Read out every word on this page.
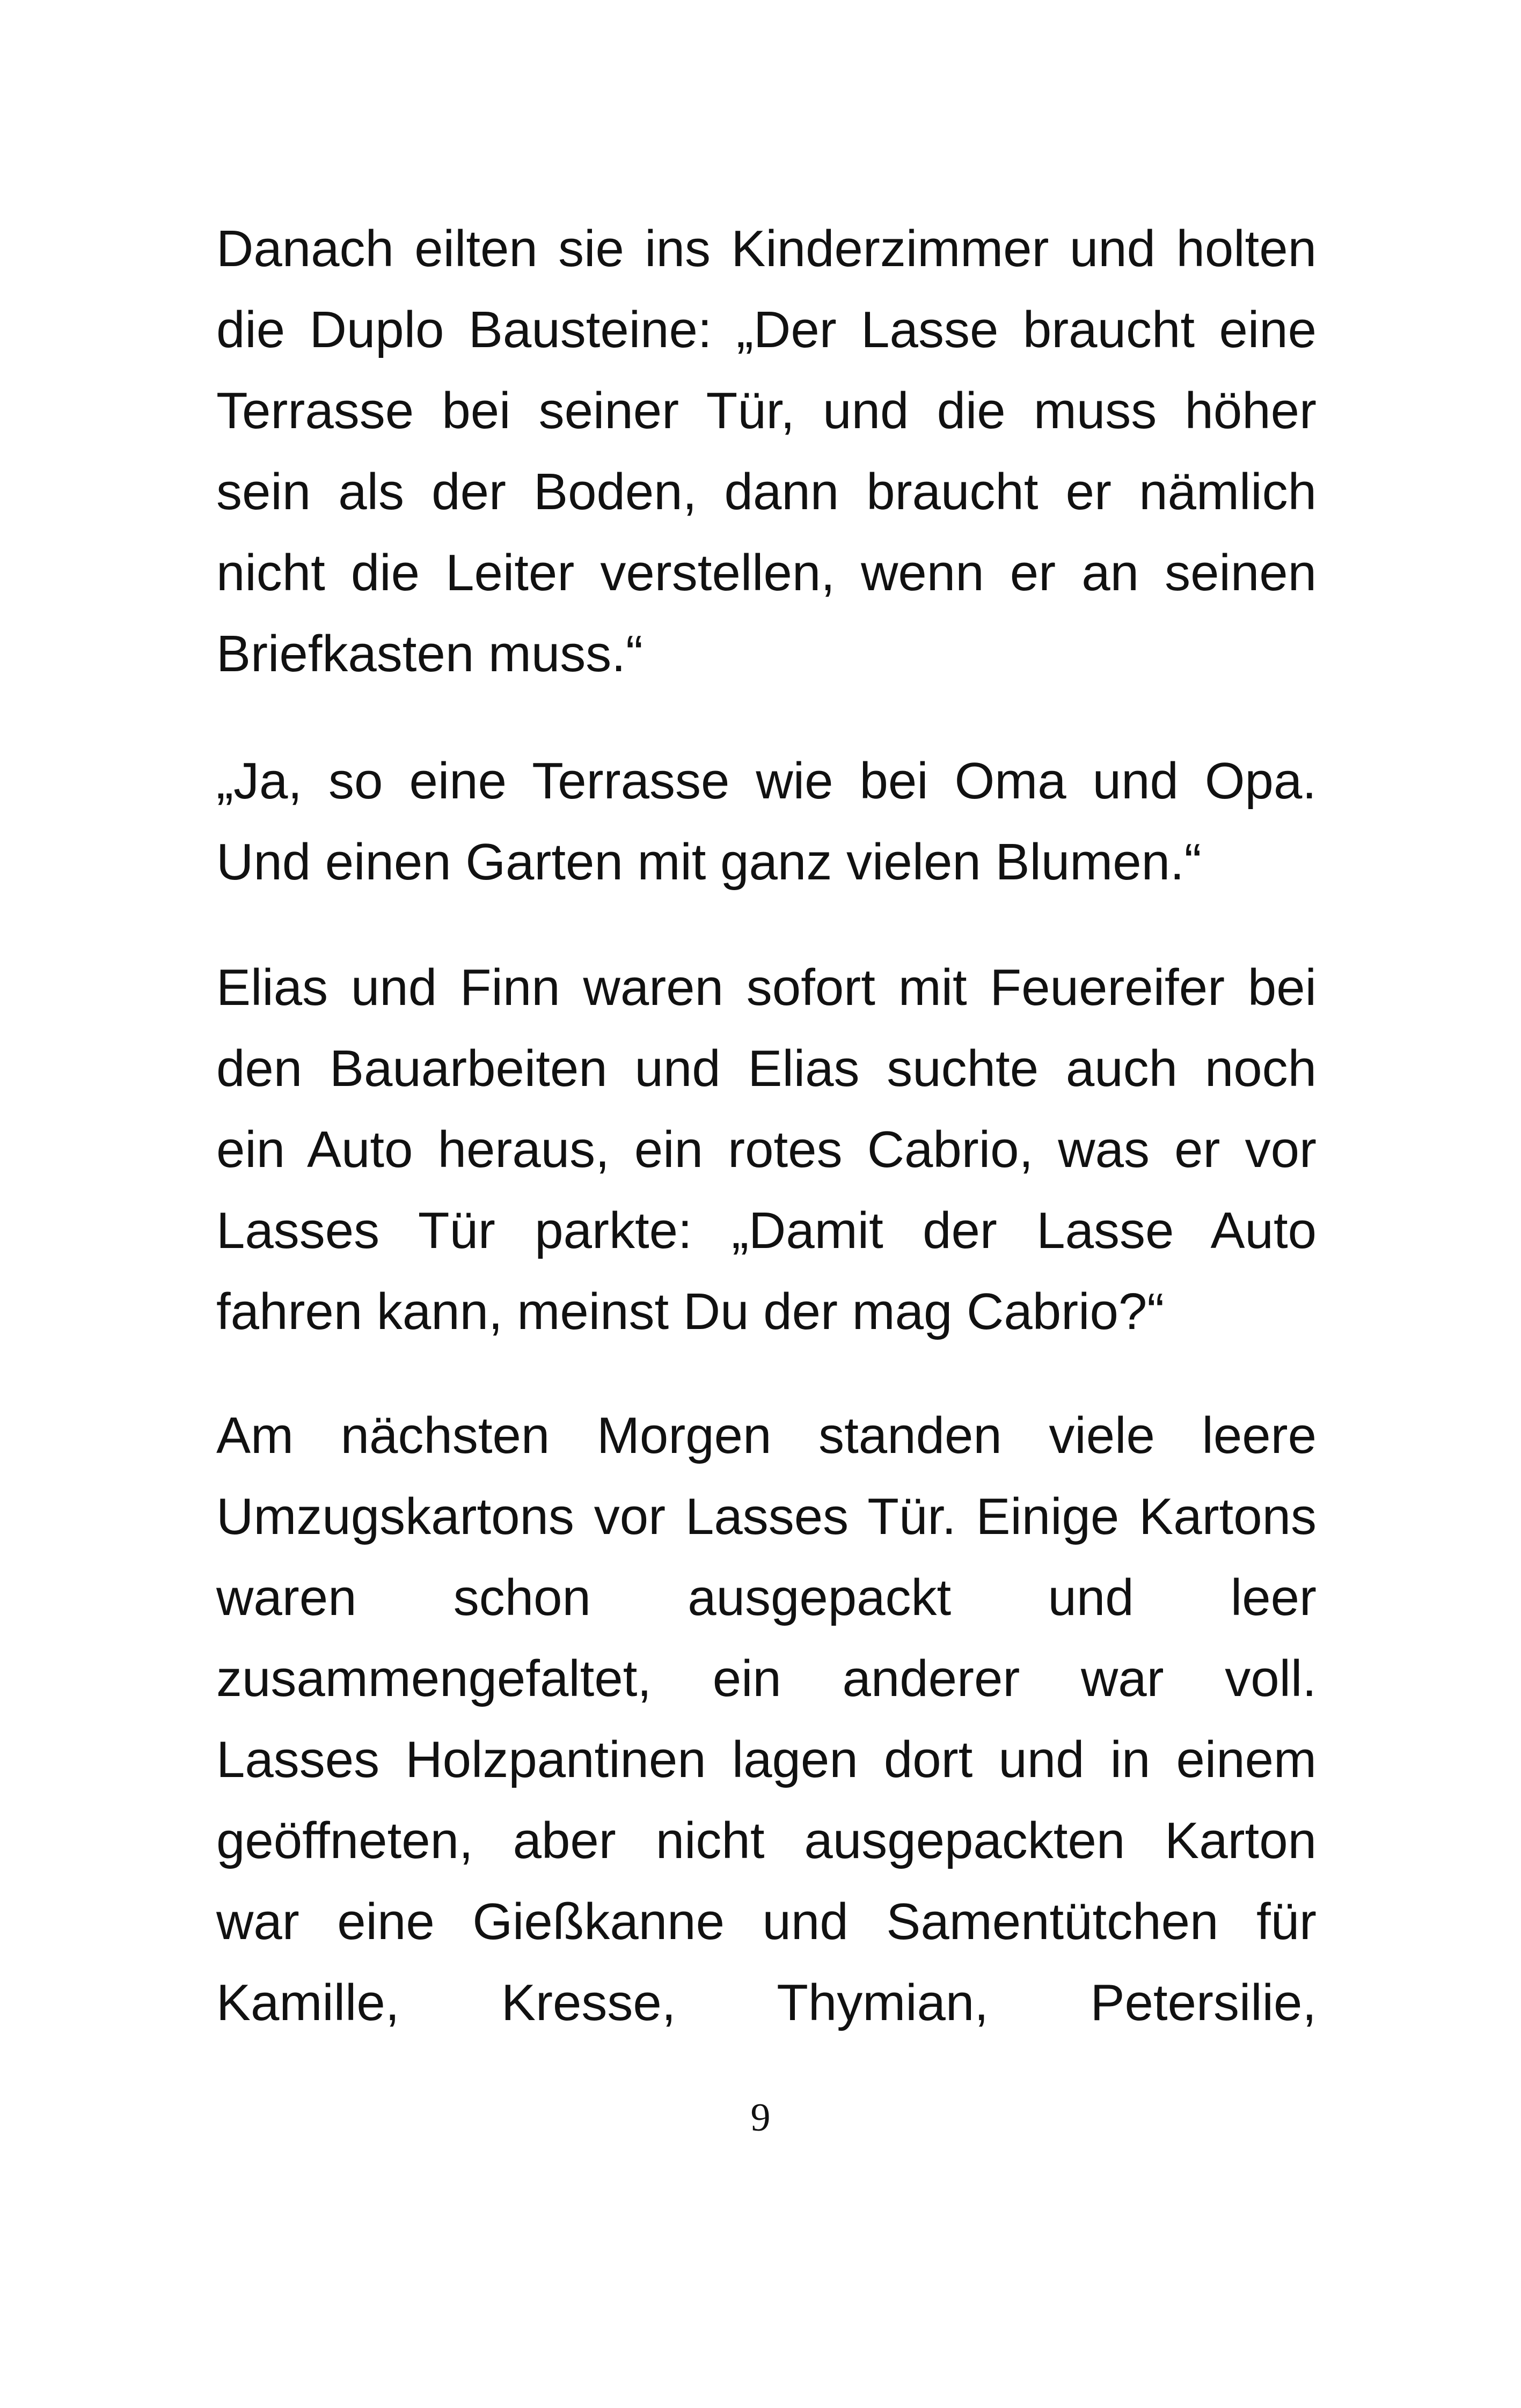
Danach eilten sie ins Kinderzimmer und holten
die Duplo Bausteine: „Der Lasse braucht eine
Terrasse bei seiner Tür, und die muss höher
sein als der Boden, dann braucht er nämlich
nicht die Leiter verstellen, wenn er an seinen
Briefkasten muss.“
„Ja, so eine Terrasse wie bei Oma und Opa.
Und einen Garten mit ganz vielen Blumen.“
Elias und Finn waren sofort mit Feuereifer bei
den Bauarbeiten und Elias suchte auch noch
ein Auto heraus, ein rotes Cabrio, was er vor
Lasses Tür parkte: „Damit der Lasse Auto
fahren kann, meinst Du der mag Cabrio?“
Am nächsten Morgen standen viele leere
Umzugskartons vor Lasses Tür. Einige Kartons
waren schon ausgepackt und leer
zusammengefaltet, ein anderer war voll.
Lasses Holzpantinen lagen dort und in einem
geöffneten, aber nicht ausgepackten Karton
war eine Gießkanne und Samentütchen für
Kamille, Kresse, Thymian, Petersilie,
9
